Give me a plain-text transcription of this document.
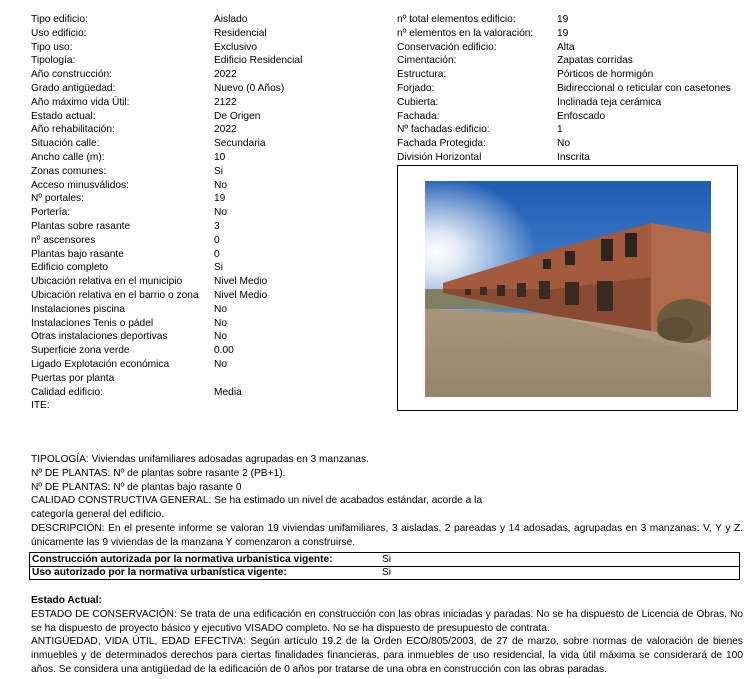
Tipo edificio:
Uso edificio:
Tipo uso:
Tipología:
Año construcción:
Grado antigüedad:
Año máximo vida Útil:
Estado actual:
Año rehabilitación:
Situación calle:
Ancho calle (m):
Zonas comunes:
Acceso minusválidos:
Nº portales:
Portería:
Plantas sobre rasante
nº ascensores
Plantas bajo rasante
Edificio completo
Ubicación relativa en el municipio
Ubicación relativa en el barrio o zona
Instalaciones piscina
Instalaciones Tenis o pádel
Otras instalaciones deportivas
Superficie zona verde
Ligado Explotación económica
Puertas por planta
Calidad edificio:
ITE:
Aislado
Residencial
Exclusivo
Edificio Residencial
2022
Nuevo (0 Años)
2122
De Origen
2022
Secundaria
10
Si
No
19
No
3
0
0
Si
Nivel Medio
Nivel Medio
No
No
No
0.00
No
Media
nº total elementos edificio:
nº elementos en la valoración:
Conservación edificio:
Cimentación:
Estructura:
Forjado:
Cubierta:
Fachada:
Nº fachadas edificio:
Fachada Protegida:
División Horizontal
19
19
Alta
Zapatas corridas
Pórticos de hormigón
Bidireccional o reticular con casetones
Inclinada teja cerámica
Enfoscado
1
No
Inscrita

TIPOLOGÍA: Viviendas unifamiliares adosadas agrupadas en 3 manzanas.

Nº DE PLANTAS: Nº de plantas sobre rasante 2 (PB+1).

Nº DE PLANTAS: Nº de plantas bajo rasante 0

CALIDAD CONSTRUCTIVA GENERAL: Se ha estimado un nivel de acabados estándar, acorde a la categoría general del edificio.

DESCRIPCIÓN: En el presente informe se valoran 19 viviendas unifamiliares, 3 aisladas, 2 pareadas y 14 adosadas, agrupadas en 3 manzanas: V, Y y Z. únicamente las 9 viviendas de la manzana Y comenzaron a construirse.

Construcción autorizada por la normativa urbanística vigente:	Si
Uso autorizado por la normativa urbanística vigente:	Si

Estado Actual:

ESTADO DE CONSERVACIÓN: Se trata de una edificación en construcción con las obras iniciadas y paradas. No se ha dispuesto de Licencia de Obras. No se ha dispuesto de proyecto básico y ejecutivo VISADO completo. No se ha dispuesto de presupuesto de contrata.

ANTIGÜEDAD, VIDA ÚTIL, EDAD EFECTIVA: Según artículo 19.2 de la Orden ECO/805/2003, de 27 de marzo, sobre normas de valoración de bienes inmuebles y de determinados derechos para ciertas finalidades financieras, para inmuebles de uso residencial, la vida útil máxima se considerará de 100 años. Se considera una antigüedad de la edificación de 0 años por tratarse de una obra en construcción con las obras paradas.
